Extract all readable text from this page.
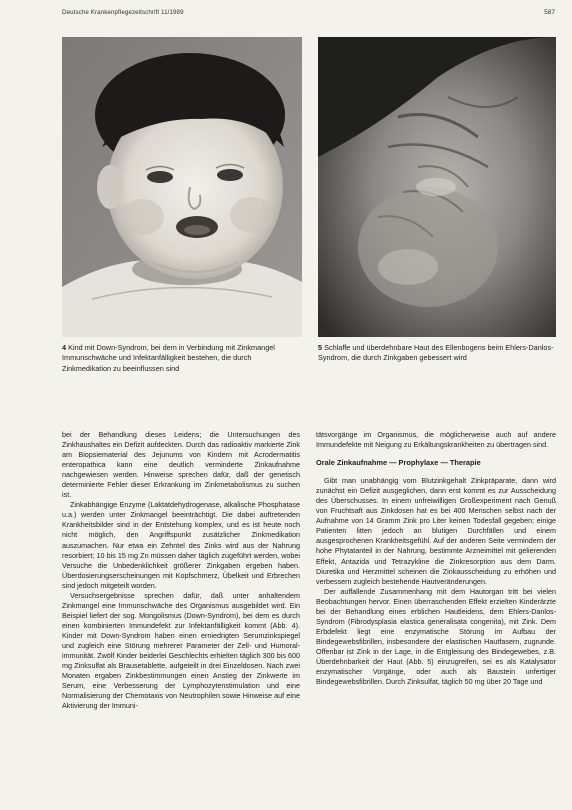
Deutsche Krankenpflegezeitschrift 11/1989	587
4 Kind mit Down-Syndrom, bei dem in Verbindung mit Zinkmangel Immunschwäche und Infektanfälligkeit bestehen, die durch Zinkmedikation zu beeinflussen sind
5 Schlaffe und überdehnbare Haut des Ellenbogens beim Ehlers-Danlos-Syndrom, die durch Zinkgaben gebessert wird

bei der Behandlung dieses Leidens; die Untersuchungen des Zinkhaushaltes ein Defizit aufdeckten. Durch das radioaktiv markierte Zink am Biopsiematerial des Jejunums von Kindern mit Acrodermatitis enteropathica kann eine deutlich verminderte Zinkaufnahme nachgewiesen werden. Hinweise sprechen dafür, daß der genetisch determinierte Fehler dieser Erkrankung im Zinkmetabolismus zu suchen ist.

Zinkabhängige Enzyme (Laktatdehydrogenase, alkalische Phosphatase u.a.) werden unter Zinkmangel beeinträchtigt. Die dabei auftretenden Krankheitsbilder sind in der Entstehung komplex, und es ist heute noch nicht möglich, den Angriffspunkt zusätzlicher Zinkmedikation auszumachen. Nur etwa ein Zehntel des Zinks wird aus der Nahrung resorbiert; 10 bis 15 mg Zn müssen daher täglich zugeführt werden, wobei Versuche die Unbedenklichkeit größerer Zinkgaben ergeben haben. Überdosierungserscheinungen mit Kopfschmerz, Übelkeit und Erbrechen sind jedoch mitgeteilt worden.

Versuchsergebnisse sprechen dafür, daß unter anhaltendem Zinkmangel eine Immunschwäche des Organismus ausgebildet wird. Ein Beispiel liefert der sog. Mongolismus (Down-Syndrom), bei dem es durch einen kombinierten Immundefekt zur Infektanfälligkeit kommt (Abb. 4). Kinder mit Down-Syndrom haben einen erniedrigten Serumzinkspiegel und zugleich eine Störung mehrerer Parameter der Zell- und Humoral-immunität. Zwölf Kinder beiderlei Geschlechts erhielten täglich 300 bis 600 mg Zinksulfat als Brausetablette, aufgeteilt in drei Einzeldosen. Nach zwei Monaten ergaben Zinkbestimmungen einen Anstieg der Zinkwerte im Serum, eine Verbesserung der Lymphozytenstimulation und eine Normalisierung der Chemotaxis von Neutrophilen sowie Hinweise auf eine Aktivierung der Immuni-

tätsvorgänge im Organismus, die möglicherweise auch auf andere Immundefekte mit Neigung zu Erkältungskrankheiten zu übertragen sind.

Orale Zinkaufnahme — Prophylaxe — Therapie

Gibt man unabhängig vom Blutzinkgehalt Zinkpräparate, dann wird zunächst ein Defizit ausgeglichen, dann erst kommt es zur Ausscheidung des Überschusses. In einem unfreiwilligen Großexperiment nach Genuß von Fruchtsaft aus Zinkdosen hat es bei 400 Menschen selbst nach der Aufnahme von 14 Gramm Zink pro Liter keinen Todesfall gegeben; einige Patienten litten jedoch an blutigen Durchfällen und einem ausgesprochenen Krankheitsgefühl. Auf der anderen Seite vermindern der hohe Phytatanteil in der Nahrung, bestimmte Arzneimittel mit gelierenden Effekt, Antazida und Tetrazykline die Zinkresorption aus dem Darm. Diuretika und Herzmittel scheinen die Zinkausscheidung zu erhöhen und verbessern zugleich bestehende Hautveränderungen.

Der auffallende Zusammenhang mit dem Hautorgan tritt bei vielen Beobachtungen hervor. Einen überraschenden Effekt erzielten Kinderärzte bei der Behandlung eines erblichen Hautleidens, dem Ehlers-Danlos-Syndrom (Fibrodysplasia elastica generalisata congenita), mit Zink. Dem Erbdefekt liegt eine enzymatische Störung im Aufbau der Bindegewebsfibrillen, insbesondere der elastischen Hautfasern, zugrunde. Offenbar ist Zink in der Lage, in die Entgleisung des Bindegewebes, z.B. Überdehnbarkeit der Haut (Abb. 5) einzugreifen, sei es als Katalysator enzymatischer Vorgänge, oder auch als Baustein unfertiger Bindegewebsfibrillen. Durch Zinksulfat, täglich 50 mg über 20 Tage und
